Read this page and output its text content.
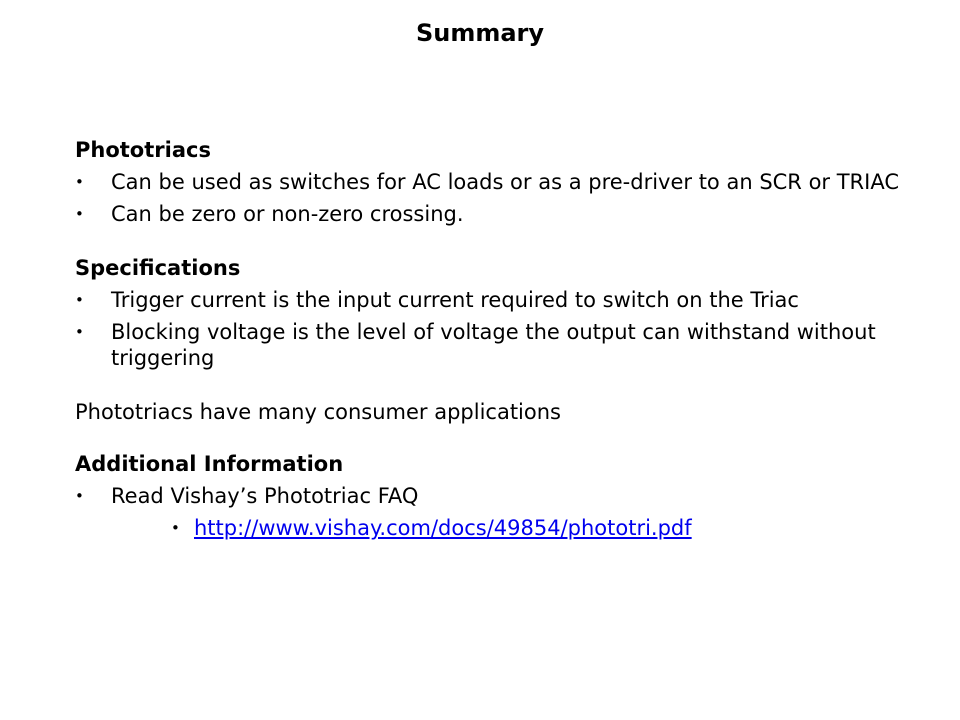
Summary

Phototriacs

• Can be used as switches for AC loads or as a pre-driver to an SCR or TRIAC
• Can be zero or non-zero crossing.

Specifications

• Trigger current is the input current required to switch on the Triac
• Blocking voltage is the level of voltage the output can withstand without triggering

Phototriacs have many consumer applications

Additional Information

• Read Vishay’s Phototriac FAQ
• http://www.vishay.com/docs/49854/phototri.pdf
